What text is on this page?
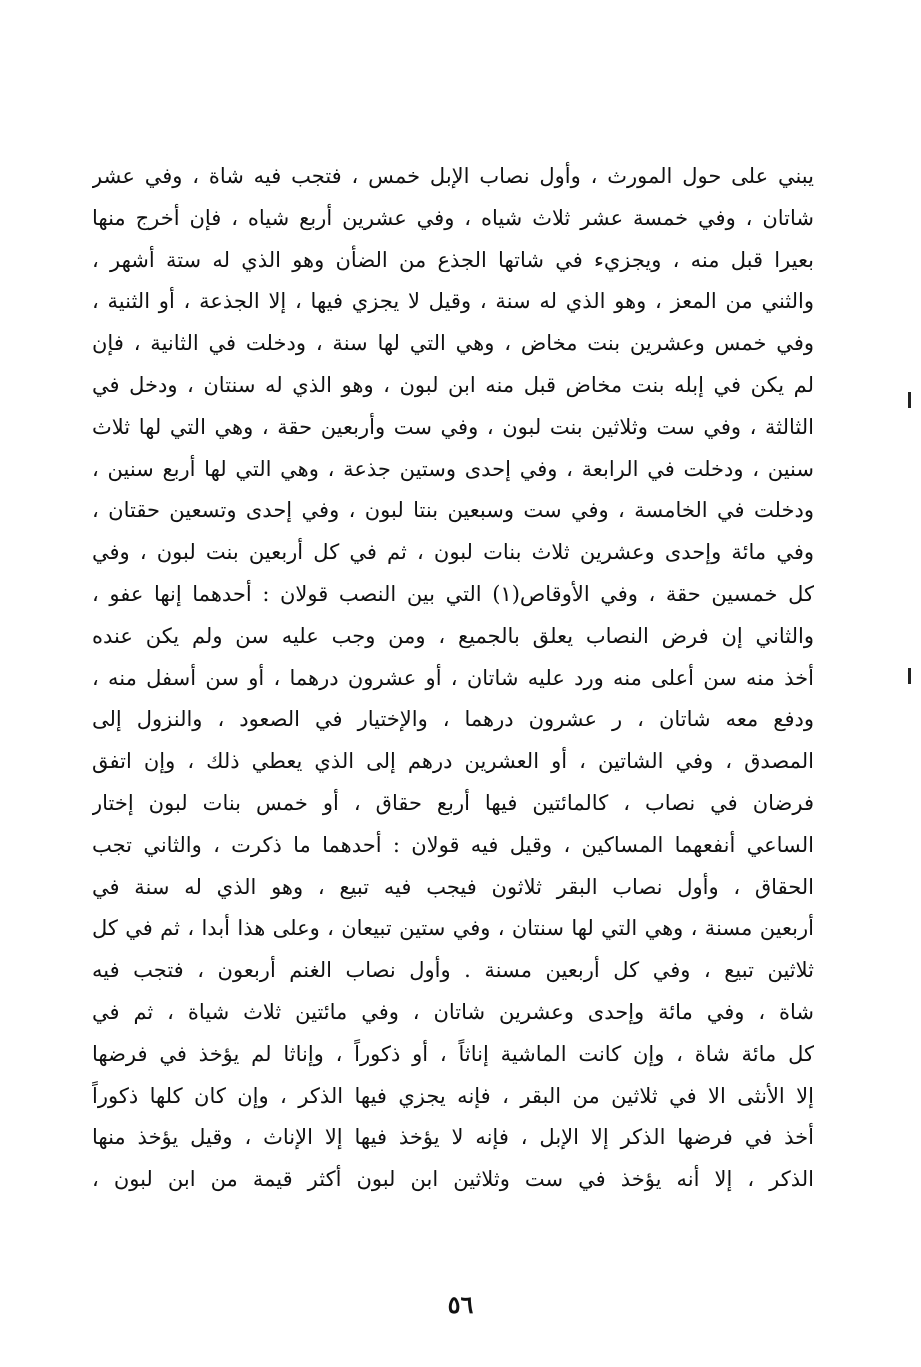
يبني على حول المورث ، وأول نصاب الإبل خمس ، فتجب فيه شاة ، وفي عشر
شاتان ، وفي خمسة عشر ثلاث شياه ، وفي عشرين أربع شياه ، فإن أخرج منها
بعيرا قبل منه ، ويجزيء في شاتها الجذع من الضأن وهو الذي له ستة أشهر ،
والثني من المعز ، وهو الذي له سنة ، وقيل لا يجزي فيها ، إلا الجذعة ، أو الثنية ،
وفي خمس وعشرين بنت مخاض ، وهي التي لها سنة ، ودخلت في الثانية ، فإن
لم يكن في إبله بنت مخاض قبل منه ابن لبون ، وهو الذي له سنتان ، ودخل في
الثالثة ، وفي ست وثلاثين بنت لبون ، وفي ست وأربعين حقة ، وهي التي لها ثلاث
سنين ، ودخلت في الرابعة ، وفي إحدى وستين جذعة ، وهي التي لها أربع سنين ،
ودخلت في الخامسة ، وفي ست وسبعين بنتا لبون ، وفي إحدى وتسعين حقتان ،
وفي مائة وإحدى وعشرين ثلاث بنات لبون ، ثم في كل أربعين بنت لبون ، وفي
كل خمسين حقة ، وفي الأوقاص(١) التي بين النصب قولان : أحدهما إنها عفو ،
والثاني إن فرض النصاب يعلق بالجميع ، ومن وجب عليه سن ولم يكن عنده
أخذ منه سن أعلى منه ورد عليه شاتان ، أو عشرون درهما ، أو سن أسفل منه ،
ودفع معه شاتان ، ر عشرون درهما ، والإختيار في الصعود ، والنزول إلى
المصدق ، وفي الشاتين ، أو العشرين درهم إلى الذي يعطي ذلك ، وإن اتفق
فرضان في نصاب ، كالمائتين فيها أربع حقاق ، أو خمس بنات لبون إختار
الساعي أنفعهما المساكين ، وقيل فيه قولان : أحدهما ما ذكرت ، والثاني تجب
الحقاق ، وأول نصاب البقر ثلاثون فيجب فيه تبيع ، وهو الذي له سنة في
أربعين مسنة ، وهي التي لها سنتان ، وفي ستين تبيعان ، وعلى هذا أبدا ، ثم في كل
ثلاثين تبيع ، وفي كل أربعين مسنة . وأول نصاب الغنم أربعون ، فتجب فيه
شاة ، وفي مائة وإحدى وعشرين شاتان ، وفي مائتين ثلاث شياة ، ثم في
كل مائة شاة ، وإن كانت الماشية إناثاً ، أو ذكوراً ، وإناثا لم يؤخذ في فرضها
إلا الأنثى الا في ثلاثين من البقر ، فإنه يجزي فيها الذكر ، وإن كان كلها ذكوراً
أخذ في فرضها الذكر إلا الإبل ، فإنه لا يؤخذ فيها إلا الإناث ، وقيل يؤخذ منها
الذكر ، إلا أنه يؤخذ في ست وثلاثين ابن لبون أكثر قيمة من ابن لبون ،
٥٦
